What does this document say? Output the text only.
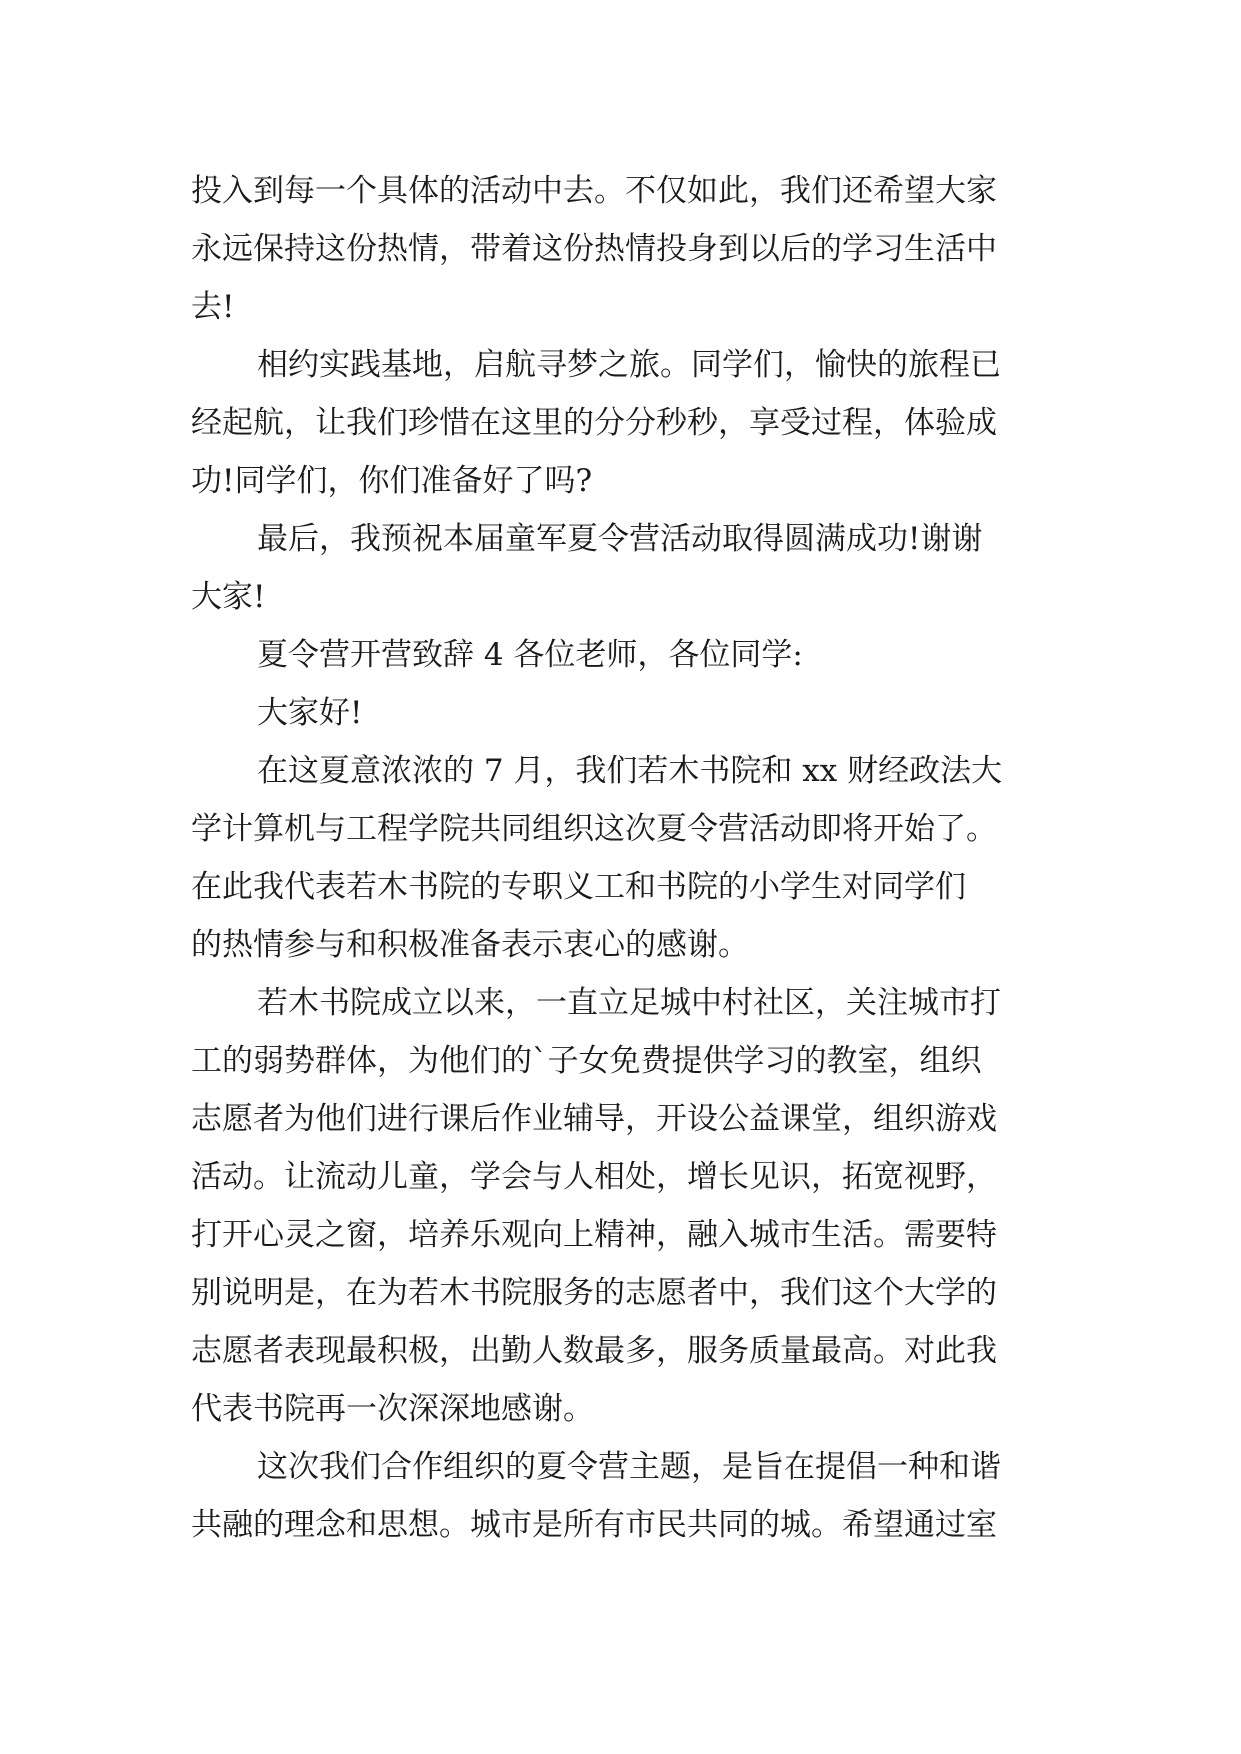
投入到每一个具体的活动中去。不仅如此，我们还希望大家
永远保持这份热情，带着这份热情投身到以后的学习生活中
去!
相约实践基地，启航寻梦之旅。同学们，愉快的旅程已
经起航，让我们珍惜在这里的分分秒秒，享受过程，体验成
功!同学们，你们准备好了吗?
最后，我预祝本届童军夏令营活动取得圆满成功!谢谢
大家!
夏令营开营致辞 4 各位老师，各位同学:
大家好!
在这夏意浓浓的 7 月，我们若木书院和 xx 财经政法大
学计算机与工程学院共同组织这次夏令营活动即将开始了。
在此我代表若木书院的专职义工和书院的小学生对同学们
的热情参与和积极准备表示衷心的感谢。
若木书院成立以来，一直立足城中村社区，关注城市打
工的弱势群体，为他们的`子女免费提供学习的教室，组织
志愿者为他们进行课后作业辅导，开设公益课堂，组织游戏
活动。让流动儿童，学会与人相处，增长见识，拓宽视野，
打开心灵之窗，培养乐观向上精神，融入城市生活。需要特
别说明是，在为若木书院服务的志愿者中，我们这个大学的
志愿者表现最积极，出勤人数最多，服务质量最高。对此我
代表书院再一次深深地感谢。
这次我们合作组织的夏令营主题，是旨在提倡一种和谐
共融的理念和思想。城市是所有市民共同的城。希望通过室
